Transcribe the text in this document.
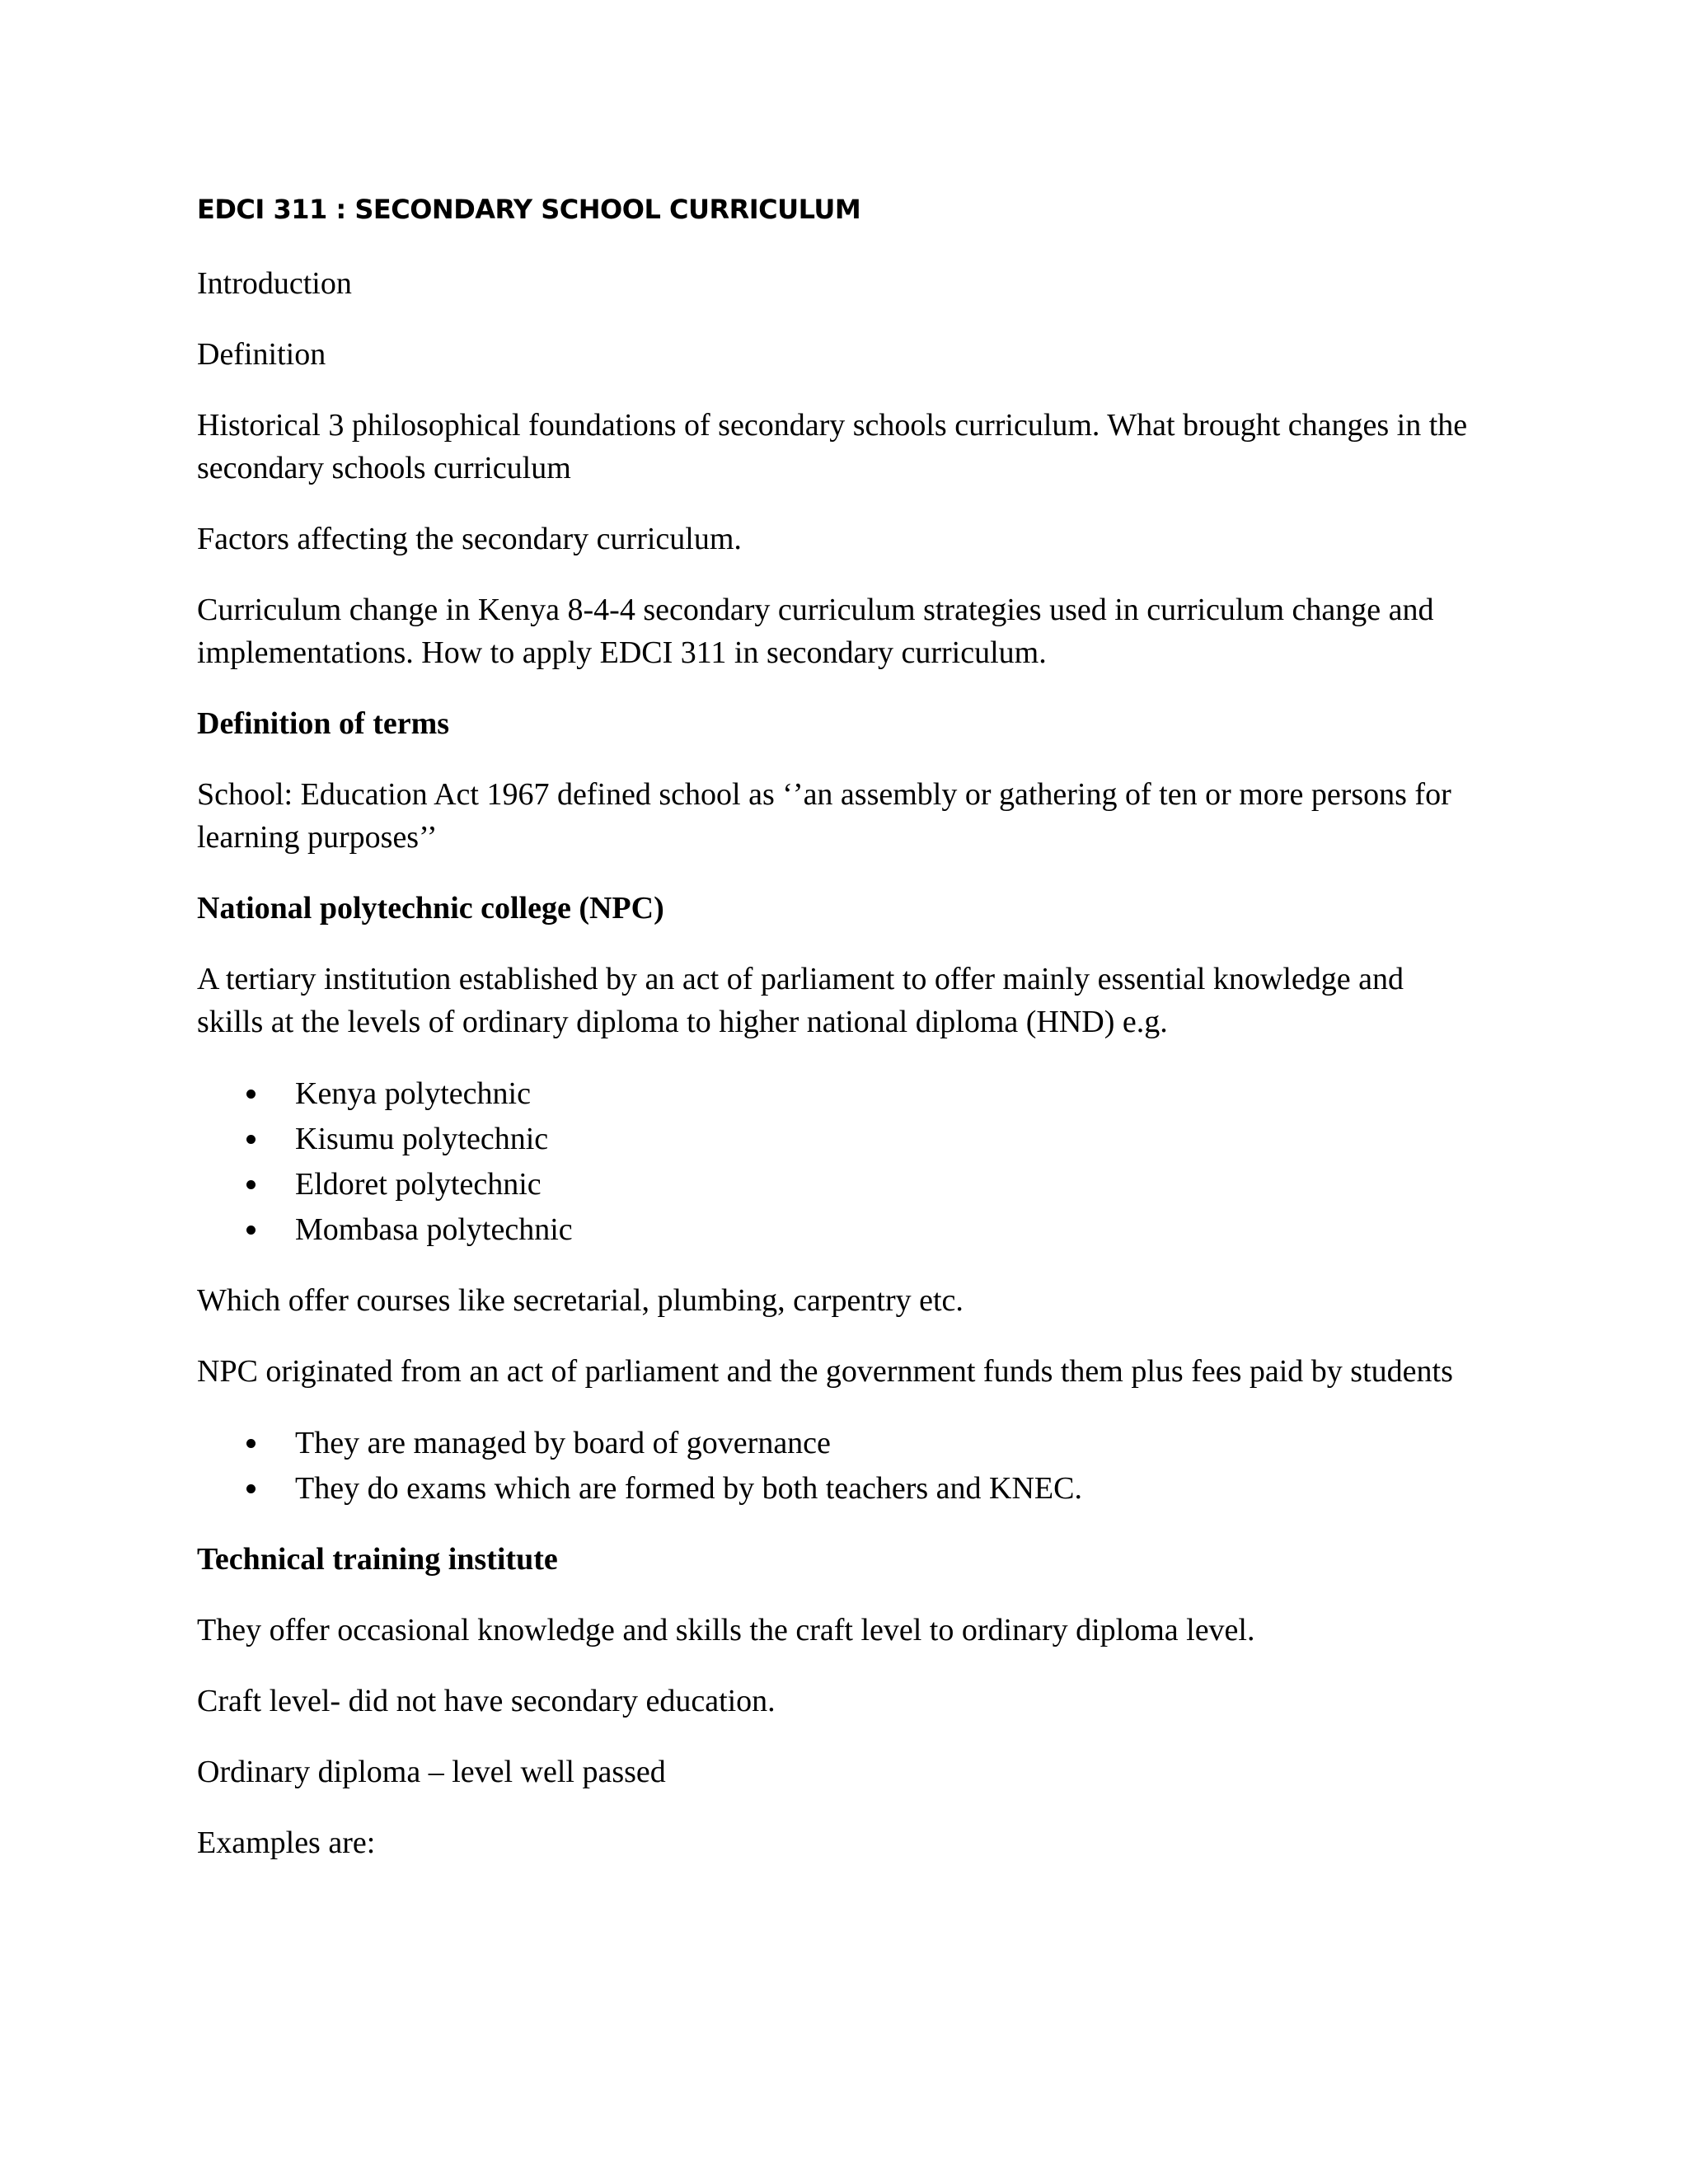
EDCI 311 : SECONDARY SCHOOL CURRICULUM

Introduction

Definition

Historical 3 philosophical foundations of secondary schools curriculum. What brought changes in the secondary schools curriculum

Factors affecting the secondary curriculum.

Curriculum change in Kenya 8-4-4 secondary curriculum strategies used in curriculum change and implementations. How to apply EDCI 311 in secondary curriculum.

Definition of terms

School: Education Act 1967 defined school as ‘’an assembly or gathering of ten or more persons for learning purposes’’

National polytechnic college (NPC)

A tertiary institution established by an act of parliament to offer mainly essential knowledge and skills at the levels of ordinary diploma to higher national diploma (HND) e.g.

Kenya polytechnic
Kisumu polytechnic
Eldoret polytechnic
Mombasa polytechnic

Which offer courses like secretarial, plumbing, carpentry etc.

NPC originated from an act of parliament and the government funds them plus fees paid by students

They are managed by board of governance
They do exams which are formed by both teachers and KNEC.
Technical training institute

They offer occasional knowledge and skills the craft level to ordinary diploma level.

Craft level- did not have secondary education.

Ordinary diploma – level well passed

Examples are:
